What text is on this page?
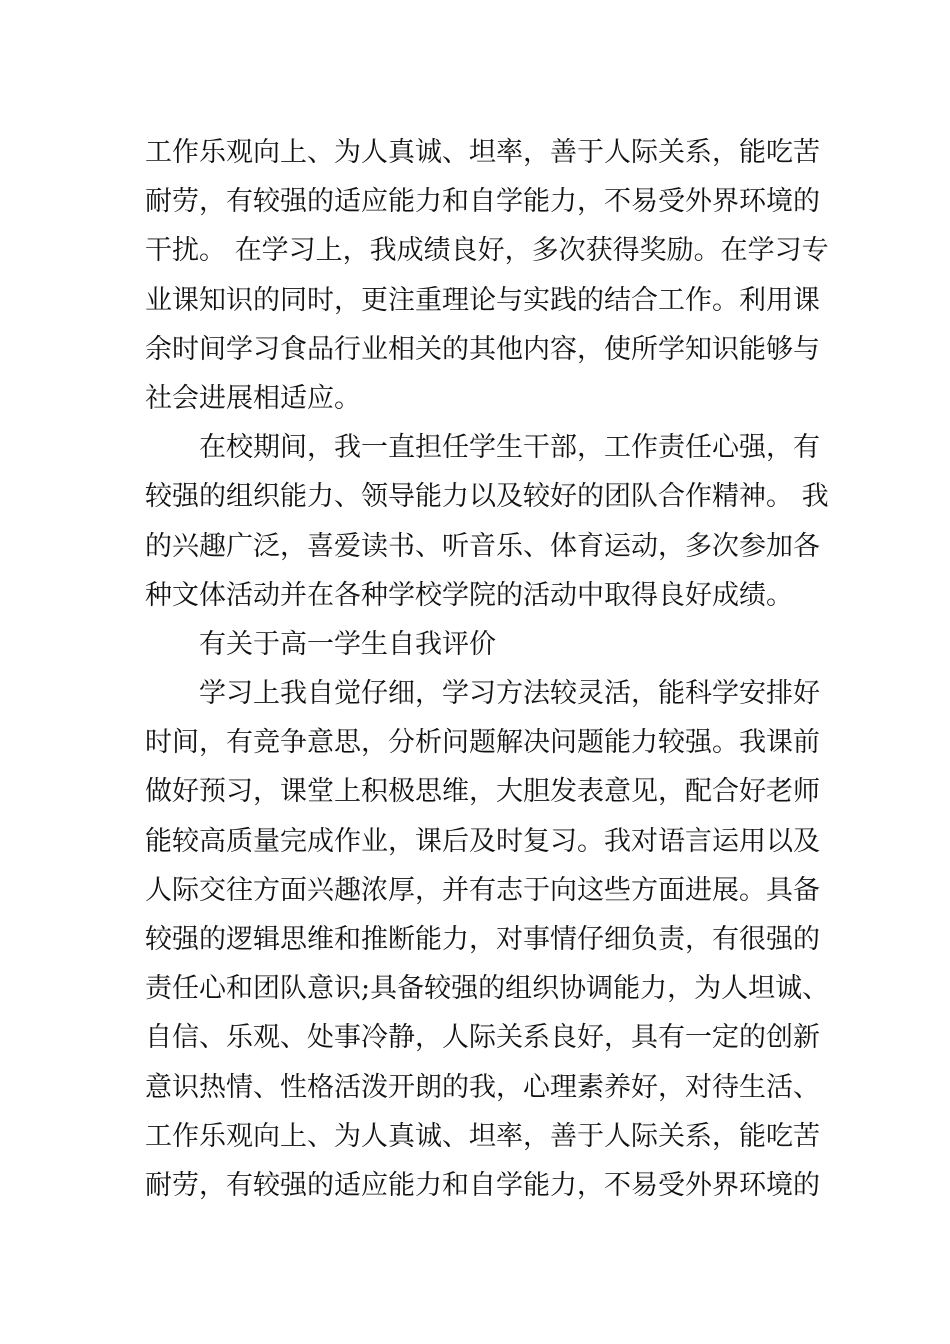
工作乐观向上、为人真诚、坦率，善于人际关系，能吃苦
耐劳，有较强的适应能力和自学能力，不易受外界环境的
干扰。 在学习上，我成绩良好，多次获得奖励。在学习专
业课知识的同时，更注重理论与实践的结合工作。利用课
余时间学习食品行业相关的其他内容，使所学知识能够与
社会进展相适应。
在校期间，我一直担任学生干部，工作责任心强，有
较强的组织能力、领导能力以及较好的团队合作精神。 我
的兴趣广泛，喜爱读书、听音乐、体育运动，多次参加各
种文体活动并在各种学校学院的活动中取得良好成绩。
有关于高一学生自我评价
学习上我自觉仔细，学习方法较灵活，能科学安排好
时间，有竞争意思，分析问题解决问题能力较强。我课前
做好预习，课堂上积极思维，大胆发表意见，配合好老师
能较高质量完成作业，课后及时复习。我对语言运用以及
人际交往方面兴趣浓厚，并有志于向这些方面进展。具备
较强的逻辑思维和推断能力，对事情仔细负责，有很强的
责任心和团队意识;具备较强的组织协调能力，为人坦诚、
自信、乐观、处事冷静，人际关系良好，具有一定的创新
意识热情、性格活泼开朗的我，心理素养好，对待生活、
工作乐观向上、为人真诚、坦率，善于人际关系，能吃苦
耐劳，有较强的适应能力和自学能力，不易受外界环境的
